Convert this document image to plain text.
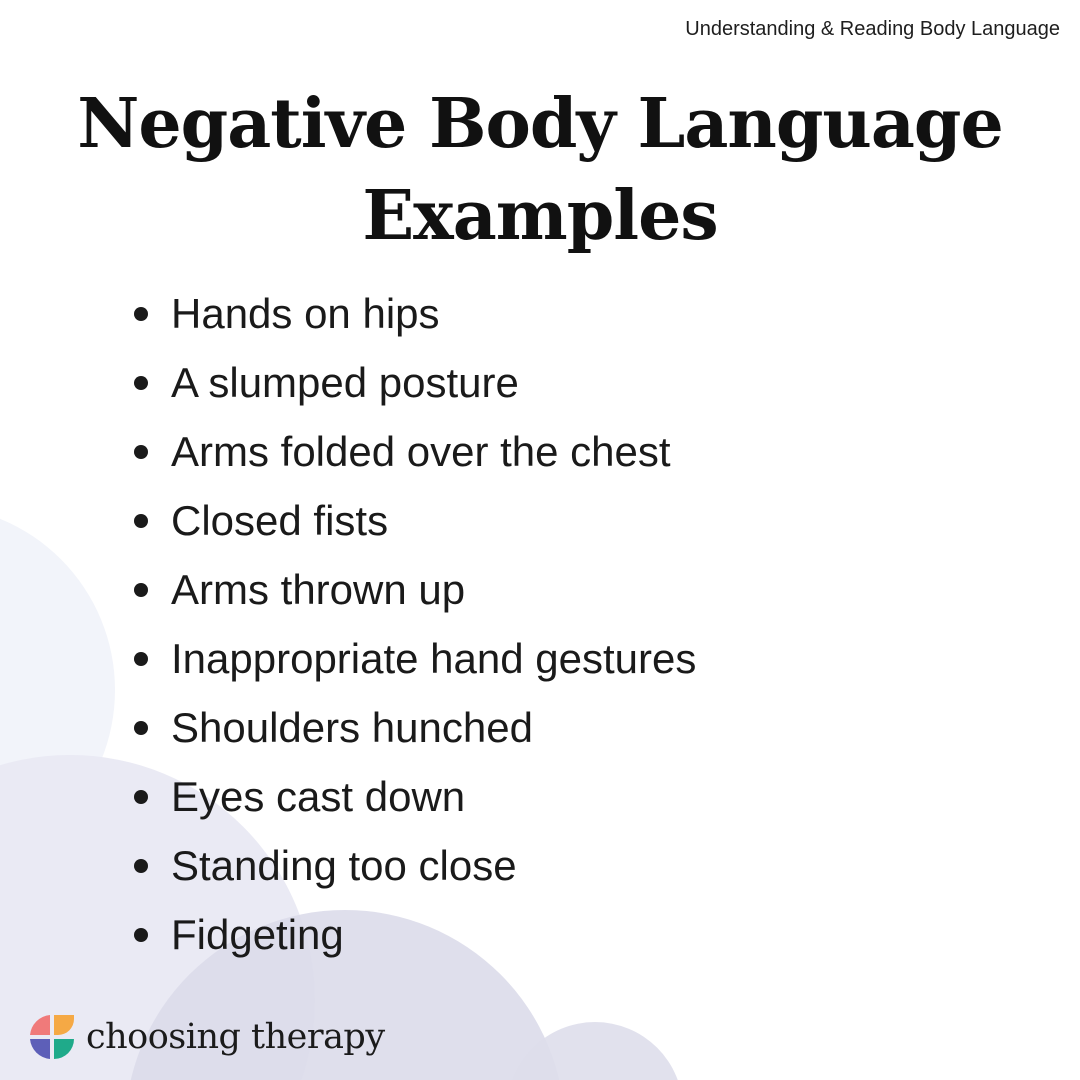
Understanding & Reading Body Language
Negative Body Language
Examples
Hands on hips
A slumped posture
Arms folded over the chest
Closed fists
Arms thrown up
Inappropriate hand gestures
Shoulders hunched
Eyes cast down
Standing too close
Fidgeting
choosing therapy
